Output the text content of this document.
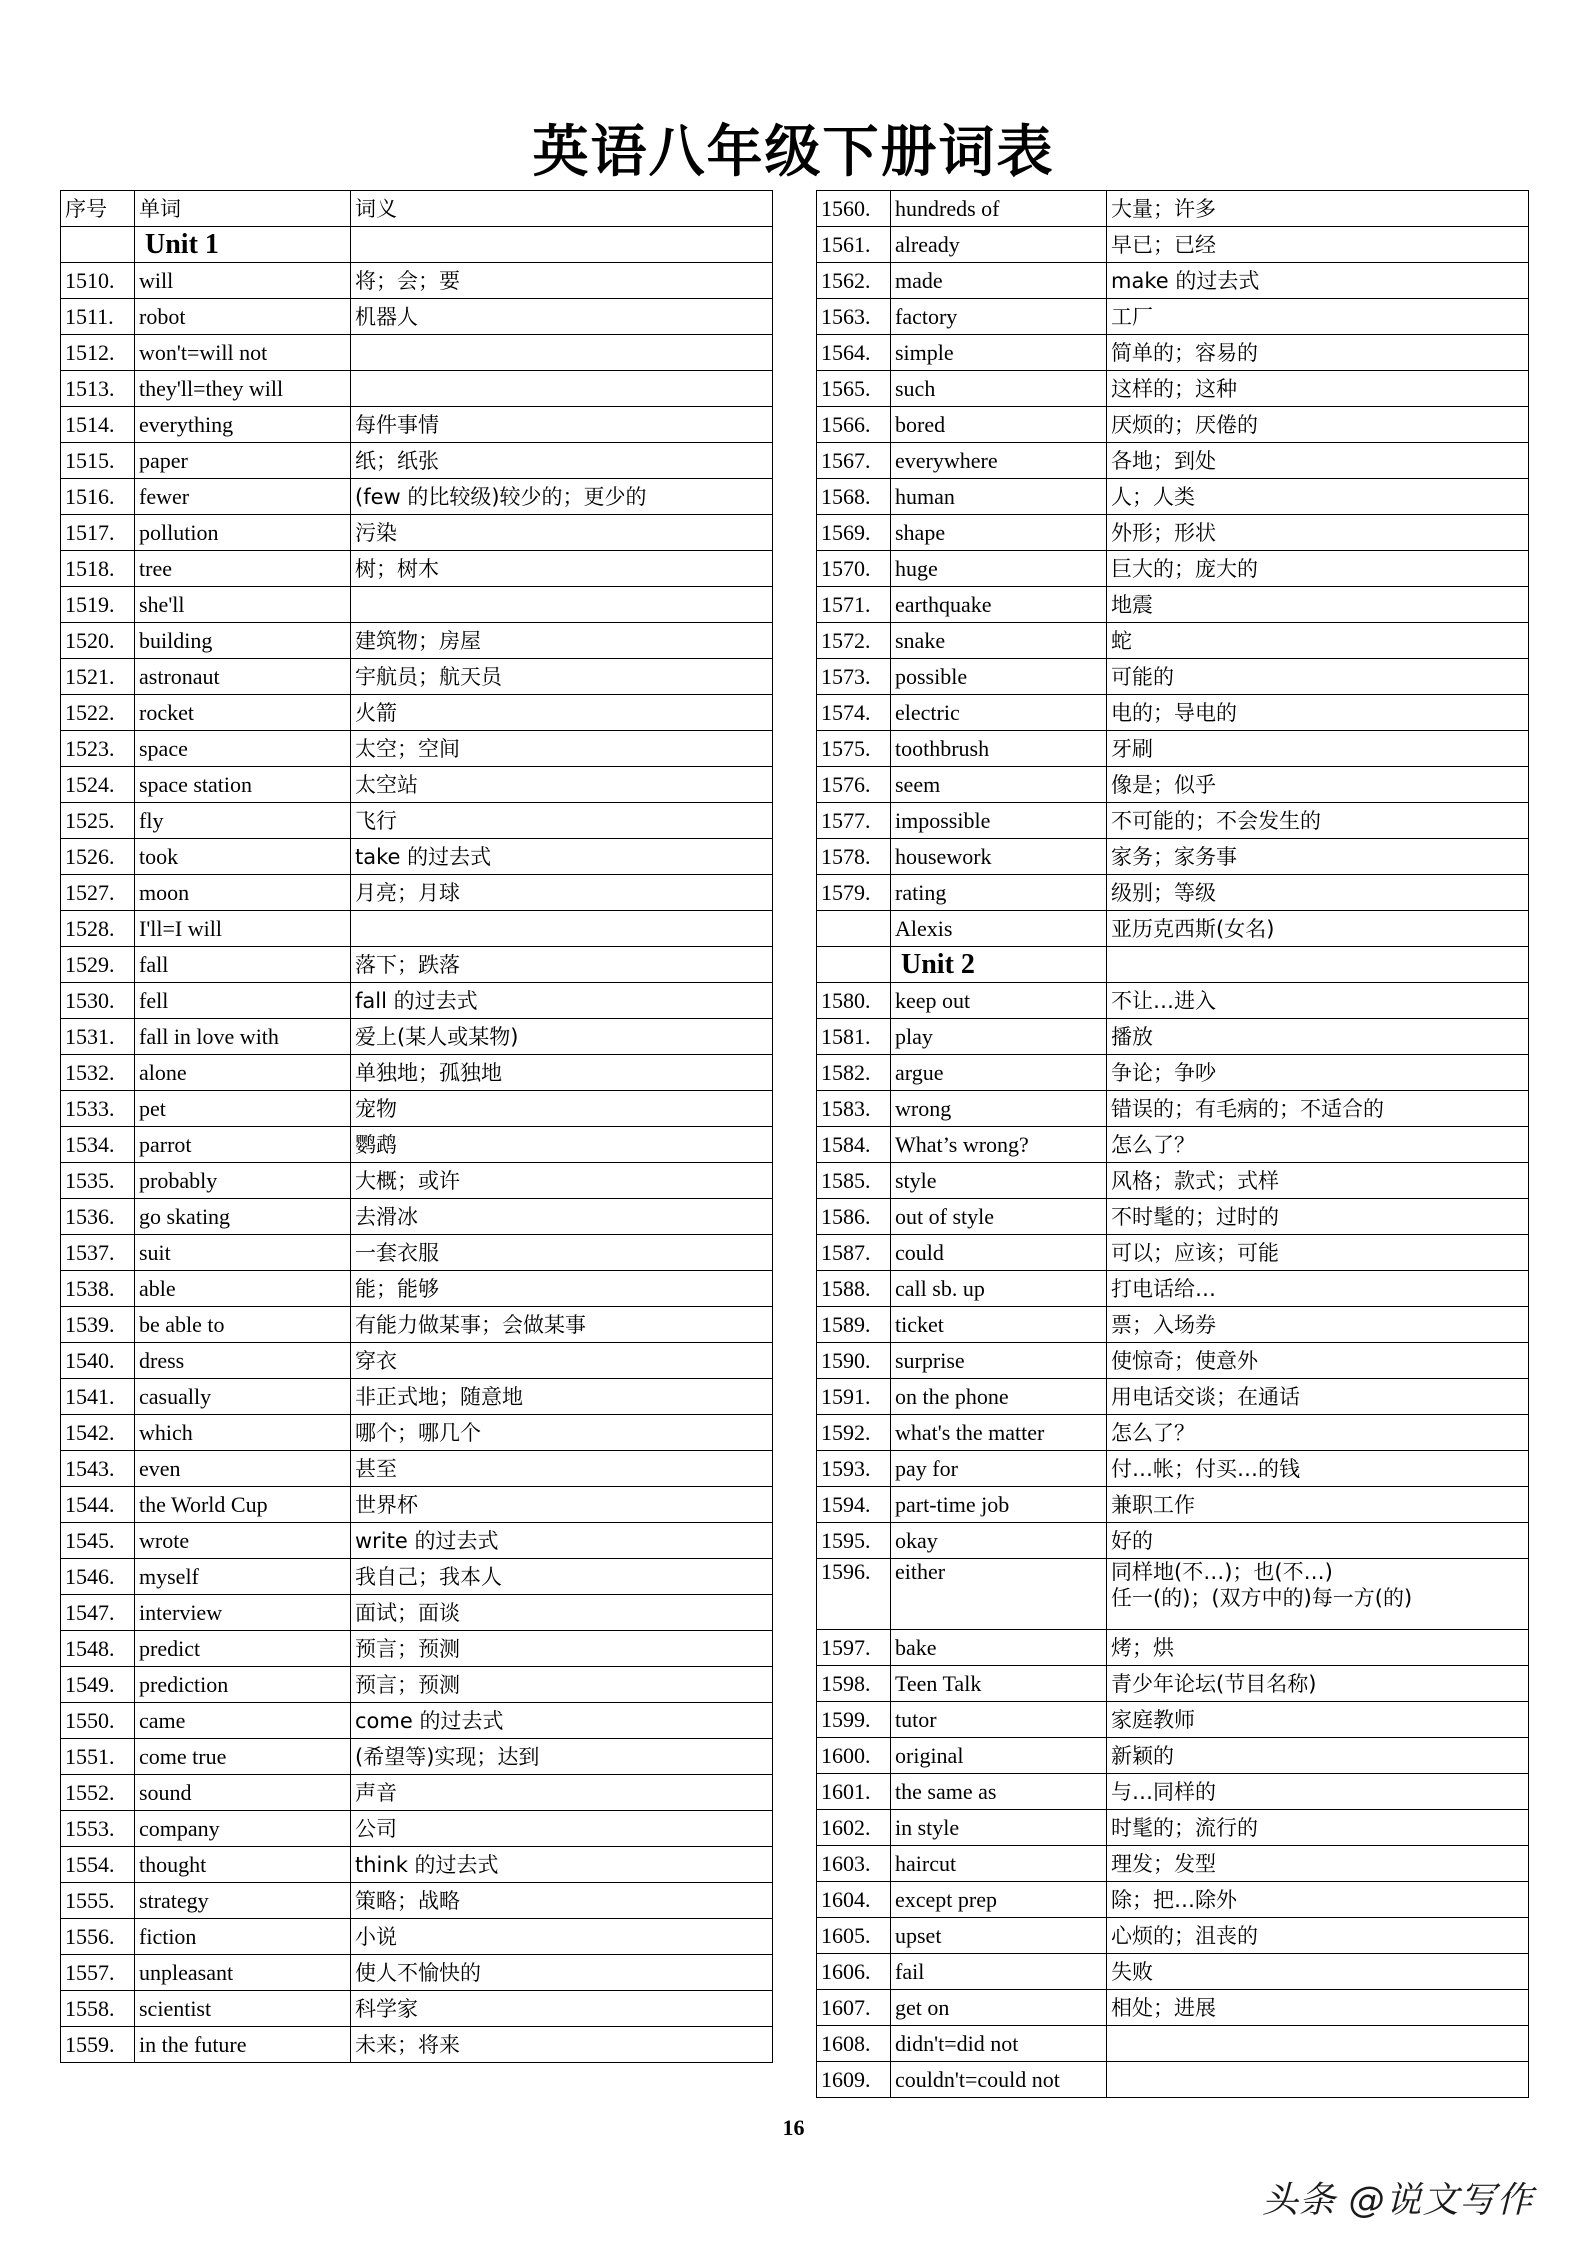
英语八年级下册词表
序号	单词	词义
	Unit 1	
1510.	will	将；会；要
1511.	robot	机器人
1512.	won't=will not	
1513.	they'll=they will	
1514.	everything	每件事情
1515.	paper	纸；纸张
1516.	fewer	(few 的比较级)较少的；更少的
1517.	pollution	污染
1518.	tree	树；树木
1519.	she'll	
1520.	building	建筑物；房屋
1521.	astronaut	宇航员；航天员
1522.	rocket	火箭
1523.	space	太空；空间
1524.	space station	太空站
1525.	fly	飞行
1526.	took	take 的过去式
1527.	moon	月亮；月球
1528.	I'll=I will	
1529.	fall	落下；跌落
1530.	fell	fall 的过去式
1531.	fall in love with	爱上(某人或某物)
1532.	alone	单独地；孤独地
1533.	pet	宠物
1534.	parrot	鹦鹉
1535.	probably	大概；或许
1536.	go skating	去滑冰
1537.	suit	一套衣服
1538.	able	能；能够
1539.	be able to	有能力做某事；会做某事
1540.	dress	穿衣
1541.	casually	非正式地；随意地
1542.	which	哪个；哪几个
1543.	even	甚至
1544.	the World Cup	世界杯
1545.	wrote	write 的过去式
1546.	myself	我自己；我本人
1547.	interview	面试；面谈
1548.	predict	预言；预测
1549.	prediction	预言；预测
1550.	came	come 的过去式
1551.	come true	(希望等)实现；达到
1552.	sound	声音
1553.	company	公司
1554.	thought	think 的过去式
1555.	strategy	策略；战略
1556.	fiction	小说
1557.	unpleasant	使人不愉快的
1558.	scientist	科学家
1559.	in the future	未来；将来
1560.	hundreds of	大量；许多
1561.	already	早已；已经
1562.	made	make 的过去式
1563.	factory	工厂
1564.	simple	简单的；容易的
1565.	such	这样的；这种
1566.	bored	厌烦的；厌倦的
1567.	everywhere	各地；到处
1568.	human	人；人类
1569.	shape	外形；形状
1570.	huge	巨大的；庞大的
1571.	earthquake	地震
1572.	snake	蛇
1573.	possible	可能的
1574.	electric	电的；导电的
1575.	toothbrush	牙刷
1576.	seem	像是；似乎
1577.	impossible	不可能的；不会发生的
1578.	housework	家务；家务事
1579.	rating	级别；等级
	Alexis	亚历克西斯(女名)
	Unit 2	
1580.	keep out	不让…进入
1581.	play	播放
1582.	argue	争论；争吵
1583.	wrong	错误的；有毛病的；不适合的
1584.	What’s wrong?	怎么了？
1585.	style	风格；款式；式样
1586.	out of style	不时髦的；过时的
1587.	could	可以；应该；可能
1588.	call sb. up	打电话给…
1589.	ticket	票；入场券
1590.	surprise	使惊奇；使意外
1591.	on the phone	用电话交谈；在通话
1592.	what's the matter	怎么了？
1593.	pay for	付…帐；付买…的钱
1594.	part-time job	兼职工作
1595.	okay	好的
1596.	either	同样地(不…)；也(不…)
任一(的)；(双方中的)每一方(的)

1597.	bake	烤；烘
1598.	Teen Talk	青少年论坛(节目名称)
1599.	tutor	家庭教师
1600.	original	新颖的
1601.	the same as	与…同样的
1602.	in style	时髦的；流行的
1603.	haircut	理发；发型
1604.	except prep	除；把…除外
1605.	upset	心烦的；沮丧的
1606.	fail	失败
1607.	get on	相处；进展
1608.	didn't=did not	
1609.	couldn't=could not	
16
头条 @说文写作
